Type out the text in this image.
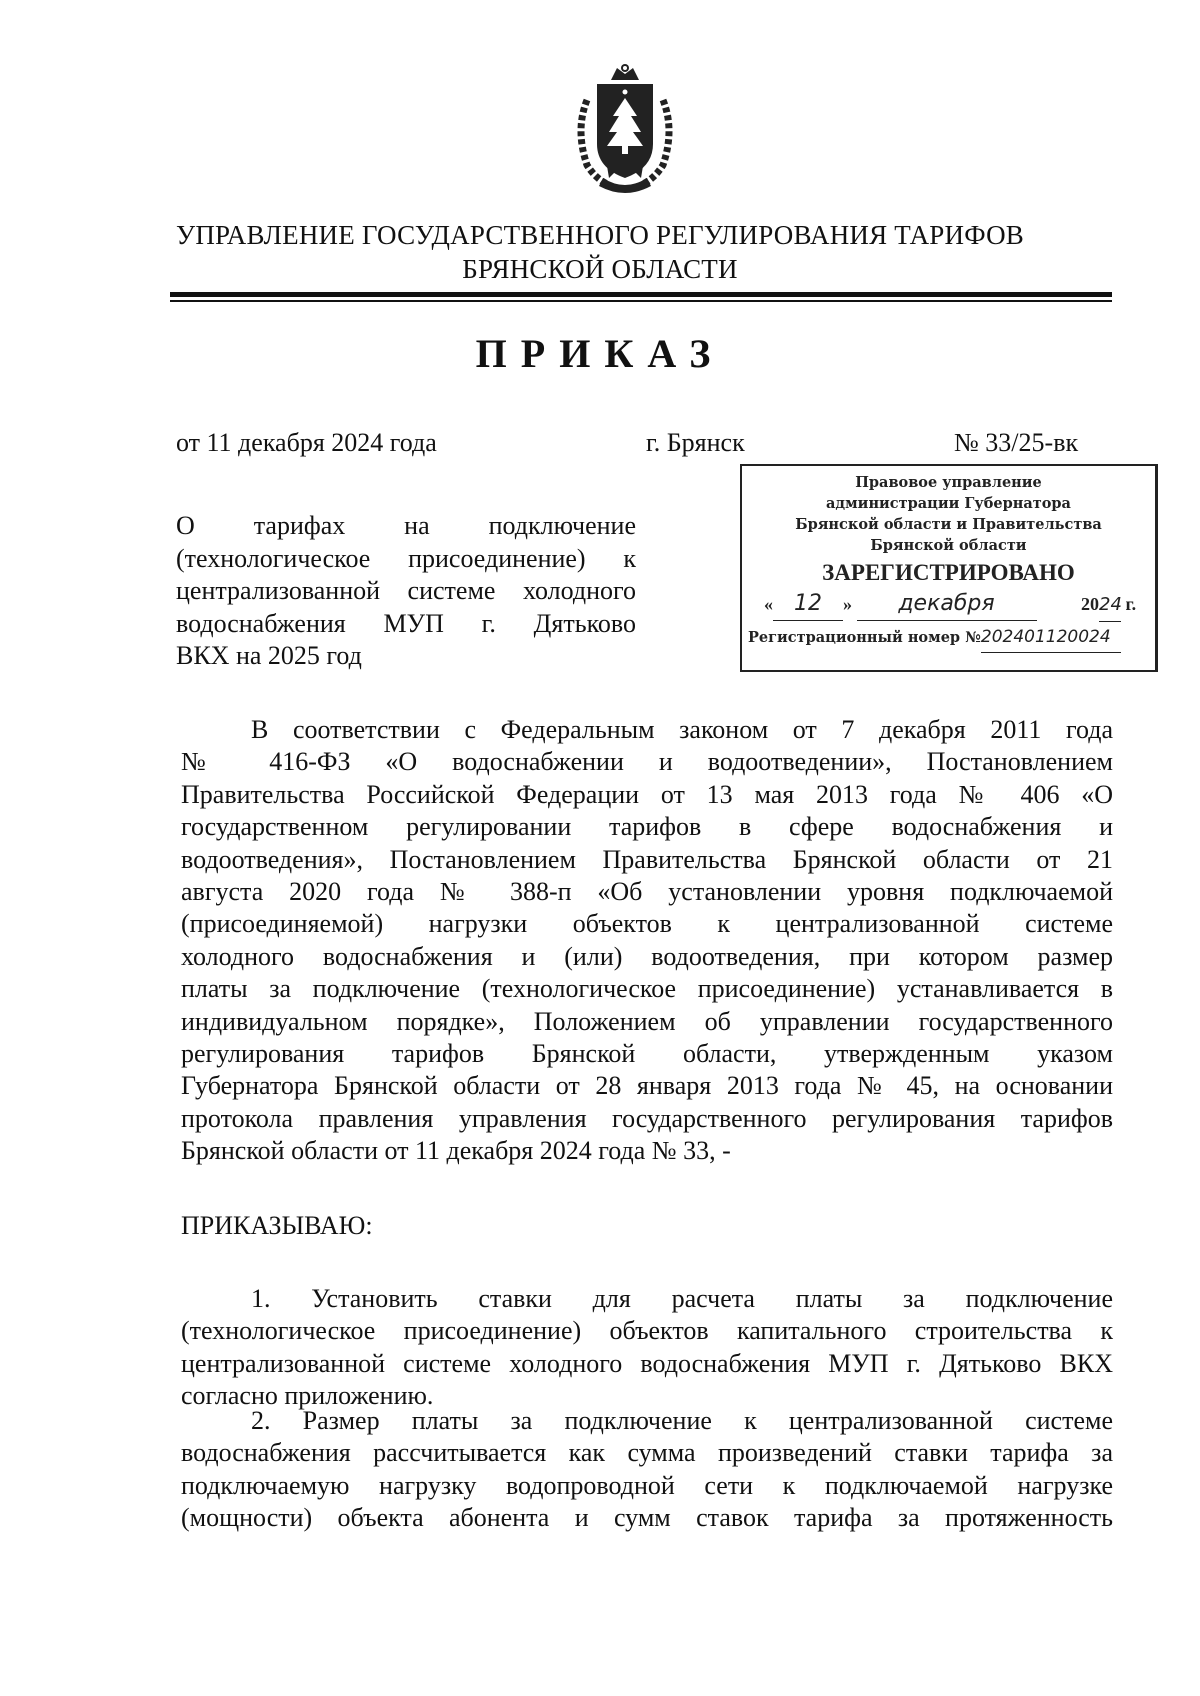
УПРАВЛЕНИЕ ГОСУДАРСТВЕННОГО РЕГУЛИРОВАНИЯ ТАРИФОВ
БРЯНСКОЙ ОБЛАСТИ
ПРИКАЗ
от 11 декабря 2024 года	г. Брянск	№ 33/25-вк
О тарифах на подключение
(технологическое присоединение) к
централизованной системе холодного
водоснабжения МУП г. Дятьково
ВКХ на 2025 год
Правовое управление
администрации Губернатора
Брянской области и Правительства
Брянской области
ЗАРЕГИСТРИРОВАНО
« 12 » декабря	2024 г.
Регистрационный номер №202401120024
В соответствии с Федеральным законом от 7 декабря 2011 года
№ 416-ФЗ «О водоснабжении и водоотведении», Постановлением
Правительства Российской Федерации от 13 мая 2013 года № 406 «О
государственном регулировании тарифов в сфере водоснабжения и
водоотведения», Постановлением Правительства Брянской области от 21
августа 2020 года № 388-п «Об установлении уровня подключаемой
(присоединяемой) нагрузки объектов к централизованной системе
холодного водоснабжения и (или) водоотведения, при котором размер
платы за подключение (технологическое присоединение) устанавливается в
индивидуальном порядке», Положением об управлении государственного
регулирования тарифов Брянской области, утвержденным указом
Губернатора Брянской области от 28 января 2013 года № 45, на основании
протокола правления управления государственного регулирования тарифов
Брянской области от 11 декабря 2024 года № 33, -
ПРИКАЗЫВАЮ:
1. Установить ставки для расчета платы за подключение
(технологическое присоединение) объектов капитального строительства к
централизованной системе холодного водоснабжения МУП г. Дятьково ВКХ
согласно приложению.
2. Размер платы за подключение к централизованной системе
водоснабжения рассчитывается как сумма произведений ставки тарифа за
подключаемую нагрузку водопроводной сети к подключаемой нагрузке
(мощности) объекта абонента и сумм ставок тарифа за протяженность
